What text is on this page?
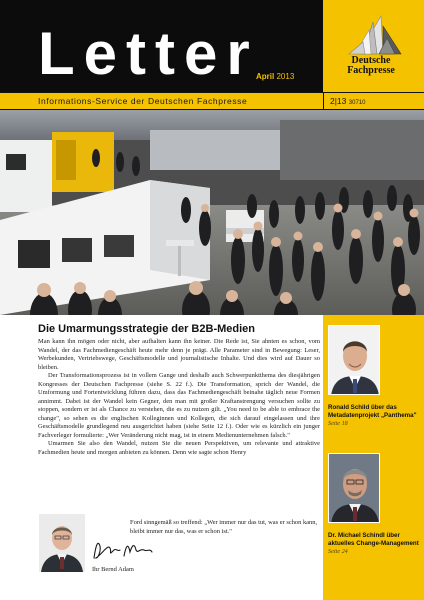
Letter
April 2013
Deutsche
Fachpresse
Informations-Service der Deutschen Fachpresse	2|13 30710
Die Umarmungsstrategie der B2B-Medien

Man kann ihn mögen oder nicht, aber aufhalten kann ihn keiner. Die Rede ist, Sie ahnten es schon, vom Wandel, der das Fachmediengeschäft heute mehr denn je prägt. Alle Parameter sind in Bewegung: Leser, Werbekunden, Vertriebswege, Geschäftsmodelle und journalistische Inhalte. Und dies wird auf Dauer so bleiben.

Der Transformationsprozess ist in vollem Gange und deshalb auch Schwerpunktthema des diesjährigen Kongresses der Deutschen Fachpresse (siehe S. 22 f.). Die Transformation, sprich der Wandel, die Umformung und Fortentwicklung führen dazu, dass das Fachmediengeschäft beinahe täglich neue Formen annimmt. Dabei ist der Wandel kein Gegner, den man mit großer Kraftanstrengung versuchen sollte zu stoppen, sondern er ist als Chance zu verstehen, die es zu nutzen gilt. „You need to be able to embrace the change", so sehen es die englischen Kolleginnen und Kollegen, die sich darauf eingelassen und ihre Geschäftsmodelle grundlegend neu ausgerichtet haben (siehe Seite 12 f.). Oder wie es kürzlich ein junger Fachverleger formulierte: „Wer Veränderung nicht mag, ist in einem Medienunternehmen falsch."

Umarmen Sie also den Wandel, nutzen Sie die neuen Perspektiven, um relevante und attraktive Fachmedien heute und morgen anbieten zu können. Denn wie sagte schon Henry

Ford sinngemäß so treffend: „Wer immer nur das tut, was er schon kann, bleibt immer nur das, was er schon ist."
Ihr Bernd Adam
Ronald Schild über das Metadatenprojekt „Panthema"
Seite 18
Dr. Michael Schindl über aktuelles Change-Management
Seite 24
